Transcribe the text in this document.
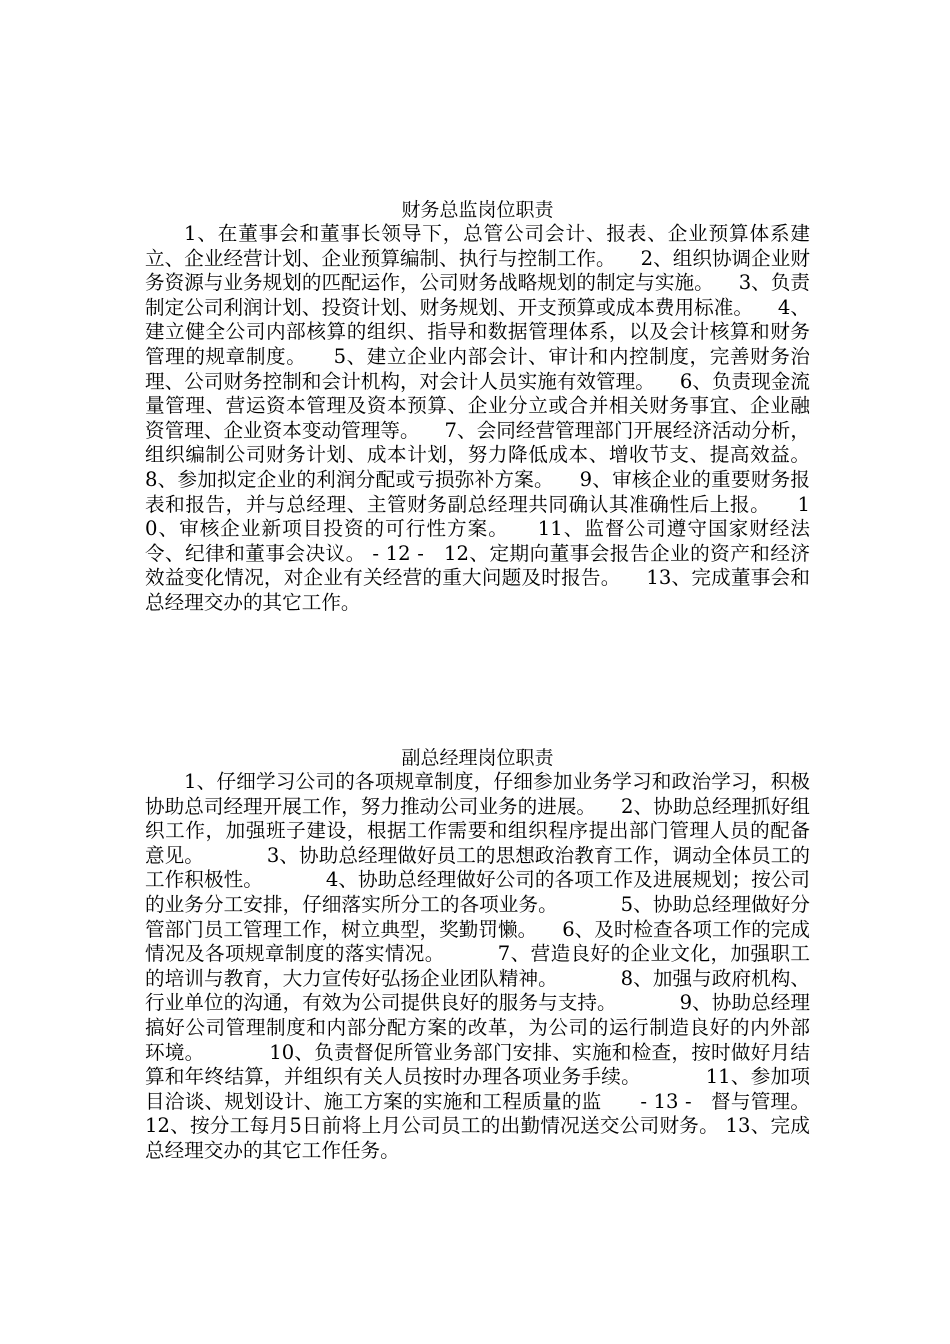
财务总监岗位职责

1、在董事会和董事长领导下，总管公司会计、报表、企业预算体系建立、企业经营计划、企业预算编制、执行与控制工作。    2、组织协调企业财务资源与业务规划的匹配运作，公司财务战略规划的制定与实施。    3、负责制定公司利润计划、投资计划、财务规划、开支预算或成本费用标准。    4、建立健全公司内部核算的组织、指导和数据管理体系，以及会计核算和财务管理的规章制度。    5、建立企业内部会计、审计和内控制度，完善财务治理、公司财务控制和会计机构，对会计人员实施有效管理。    6、负责现金流量管理、营运资本管理及资本预算、企业分立或合并相关财务事宜、企业融资管理、企业资本变动管理等。    7、会同经营管理部门开展经济活动分析，组织编制公司财务计划、成本计划，努力降低成本、增收节支、提高效益。    8、参加拟定企业的利润分配或亏损弥补方案。    9、审核企业的重要财务报表和报告，并与总经理、主管财务副总经理共同确认其准确性后上报。    10、审核企业新项目投资的可行性方案。    11、监督公司遵守国家财经法令、纪律和董事会决议。 - 12 -   12、定期向董事会报告企业的资产和经济效益变化情况，对企业有关经营的重大问题及时报告。    13、完成董事会和总经理交办的其它工作。

副总经理岗位职责

1、仔细学习公司的各项规章制度，仔细参加业务学习和政治学习，积极协助总司经理开展工作，努力推动公司业务的进展。    2、协助总经理抓好组织工作，加强班子建设，根据工作需要和组织程序提出部门管理人员的配备意见。          3、协助总经理做好员工的思想政治教育工作，调动全体员工的工作积极性。          4、协助总经理做好公司的各项工作及进展规划；按公司的业务分工安排，仔细落实所分工的各项业务。          5、协助总经理做好分管部门员工管理工作，树立典型，奖勤罚懒。    6、及时检查各项工作的完成情况及各项规章制度的落实情况。        7、营造良好的企业文化，加强职工的培训与教育，大力宣传好弘扬企业团队精神。          8、加强与政府机构、行业单位的沟通，有效为公司提供良好的服务与支持。          9、协助总经理搞好公司管理制度和内部分配方案的改革，为公司的运行制造良好的内外部环境。          10、负责督促所管业务部门安排、实施和检查，按时做好月结算和年终结算，并组织有关人员按时办理各项业务手续。          11、参加项目洽谈、规划设计、施工方案的实施和工程质量的监      - 13 -   督与管理。 12、按分工每月5日前将上月公司员工的出勤情况送交公司财务。 13、完成总经理交办的其它工作任务。
